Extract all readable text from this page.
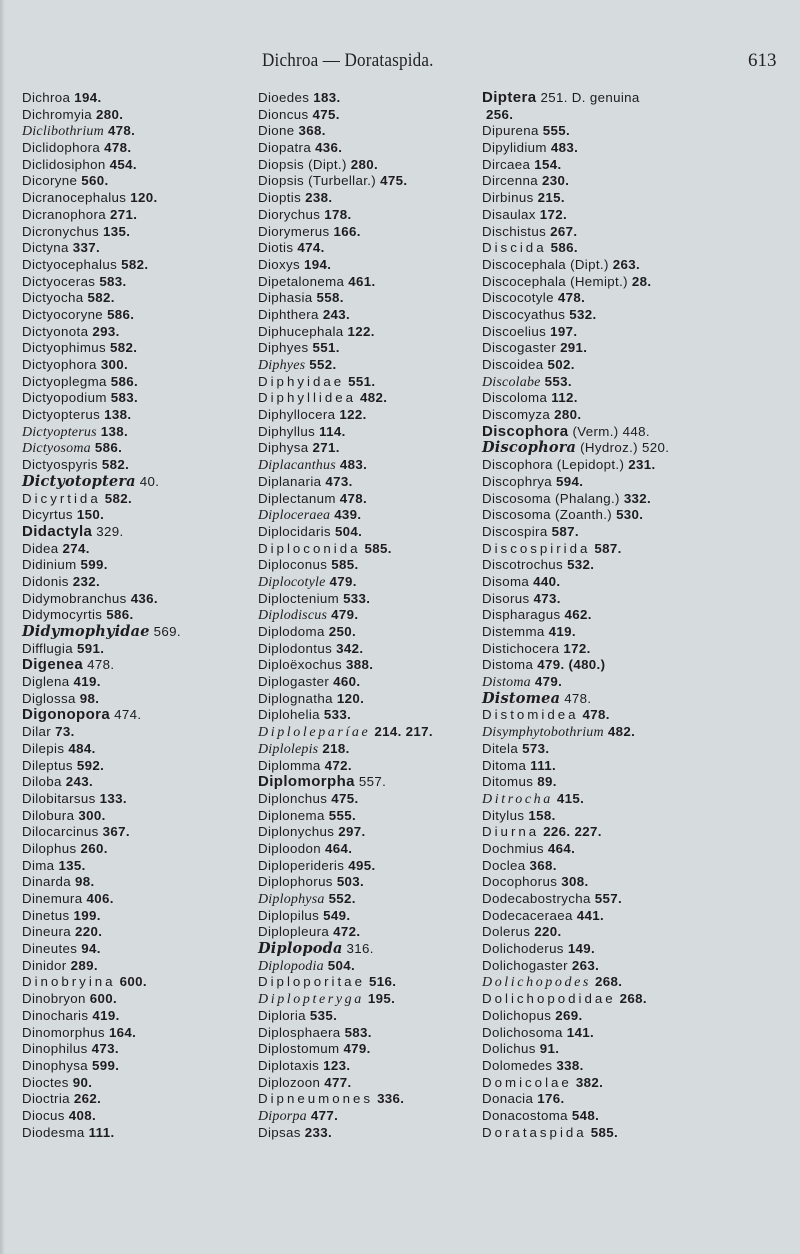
Dichroa — Dorataspida.	613
Dichroa 194.
Dichromyia 280.
Diclibothrium 478.
Diclidophora 478.
Diclidosiphon 454.
Dicoryne 560.
Dicranocephalus 120.
Dicranophora 271.
Dicronychus 135.
Dictyna 337.
Dictyocephalus 582.
Dictyoceras 583.
Dictyocha 582.
Dictyocoryne 586.
Dictyonota 293.
Dictyophimus 582.
Dictyophora 300.
Dictyoplegma 586.
Dictyopodium 583.
Dictyopterus 138.
Dictyopterus 138.
Dictyosoma 586.
Dictyospyris 582.
Dictyotoptera 40.
Dicyrtida 582.
Dicyrtus 150.
Didactyla 329.
Didea 274.
Didinium 599.
Didonis 232.
Didymobranchus 436.
Didymocyrtis 586.
Didymophyidae 569.
Difflugia 591.
Digenea 478.
Diglena 419.
Diglossa 98.
Digonopora 474.
Dilar 73.
Dilepis 484.
Dileptus 592.
Diloba 243.
Dilobitarsus 133.
Dilobura 300.
Dilocarcinus 367.
Dilophus 260.
Dima 135.
Dinarda 98.
Dinemura 406.
Dinetus 199.
Dineura 220.
Dineutes 94.
Dinidor 289.
Dinobryina 600.
Dinobryon 600.
Dinocharis 419.
Dinomorphus 164.
Dinophilus 473.
Dinophysa 599.
Dioctes 90.
Dioctria 262.
Diocus 408.
Diodesma 111.
Dioedes 183.
Dioncus 475.
Dione 368.
Diopatra 436.
Diopsis (Dipt.) 280.
Diopsis (Turbellar.) 475.
Dioptis 238.
Diorychus 178.
Diorymerus 166.
Diotis 474.
Dioxys 194.
Dipetalonema 461.
Diphasia 558.
Diphthera 243.
Diphucephala 122.
Diphyes 551.
Diphyes 552.
Diphyidae 551.
Diphyllidea 482.
Diphyllocera 122.
Diphyllus 114.
Diphysa 271.
Diplacanthus 483.
Diplanaria 473.
Diplectanum 478.
Diploceraea 439.
Diplocidaris 504.
Diploconida 585.
Diploconus 585.
Diplocotyle 479.
Diploctenium 533.
Diplodiscus 479.
Diplodoma 250.
Diplodontus 342.
Diploëxochus 388.
Diplogaster 460.
Diplognatha 120.
Diplohelia 533.
Diploleparíae 214. 217.
Diplolepis 218.
Diplomma 472.
Diplomorpha 557.
Diplonchus 475.
Diplonema 555.
Diplonychus 297.
Diploodon 464.
Diploperideris 495.
Diplophorus 503.
Diplophysa 552.
Diplopilus 549.
Diplopleura 472.
Diplopoda 316.
Diplopodia 504.
Diploporitae 516.
Diplopteryga 195.
Diploria 535.
Diplosphaera 583.
Diplostomum 479.
Diplotaxis 123.
Diplozoon 477.
Dipneumones 336.
Diporpa 477.
Dipsas 233.
Diptera 251. D. genuina
256.
Dipurena 555.
Dipylidium 483.
Dircaea 154.
Dircenna 230.
Dirbinus 215.
Disaulax 172.
Dischistus 267.
Discida 586.
Discocephala (Dipt.) 263.
Discocephala (Hemipt.) 28.
Discocotyle 478.
Discocyathus 532.
Discoelius 197.
Discogaster 291.
Discoidea 502.
Discolabe 553.
Discoloma 112.
Discomyza 280.
Discophora (Verm.) 448.
Discophora (Hydroz.) 520.
Discophora (Lepidopt.) 231.
Discophrya 594.
Discosoma (Phalang.) 332.
Discosoma (Zoanth.) 530.
Discospira 587.
Discospirida 587.
Discotrochus 532.
Disoma 440.
Disorus 473.
Dispharagus 462.
Distemma 419.
Distichocera 172.
Distoma 479. (480.)
Distoma 479.
Distomea 478.
Distomidea 478.
Disymphytobothrium 482.
Ditela 573.
Ditoma 111.
Ditomus 89.
Ditrocha 415.
Ditylus 158.
Diurna 226. 227.
Dochmius 464.
Doclea 368.
Docophorus 308.
Dodecabostrycha 557.
Dodecaceraea 441.
Dolerus 220.
Dolichoderus 149.
Dolichogaster 263.
Dolichopodes 268.
Dolichopodidae 268.
Dolichopus 269.
Dolichosoma 141.
Dolichus 91.
Dolomedes 338.
Domicolae 382.
Donacia 176.
Donacostoma 548.
Dorataspida 585.
